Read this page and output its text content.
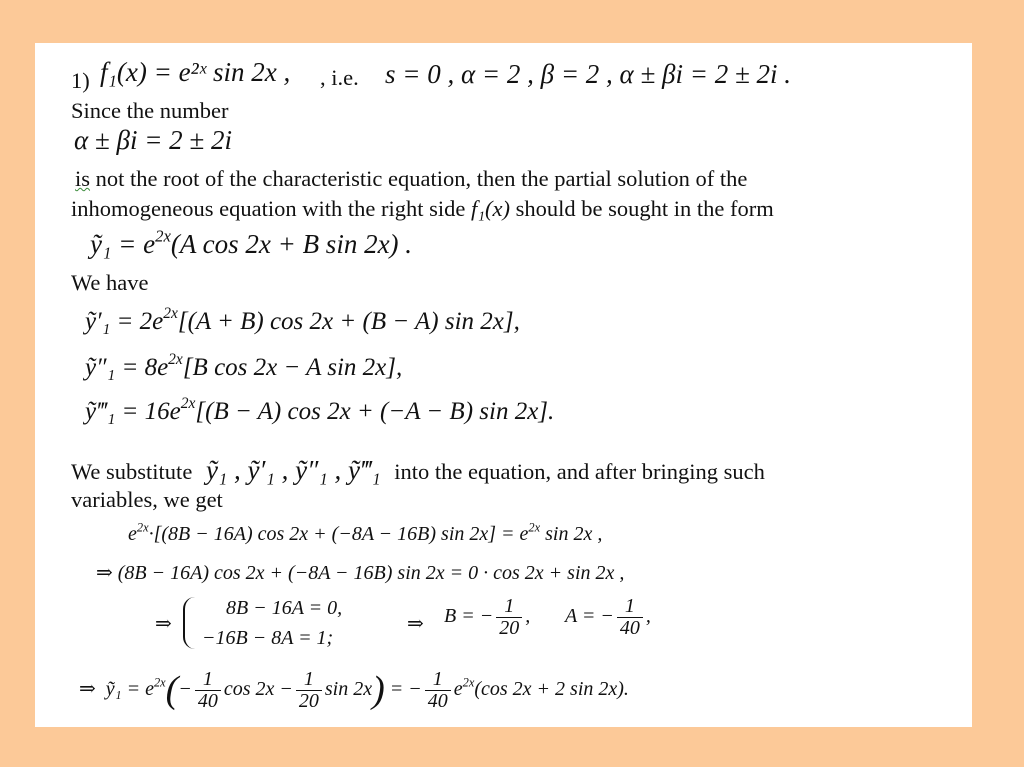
1) f₁(x) = e²ˣ sin 2x , , i.e. s = 0 , α = 2 , β = 2 , α ± βi = 2 ± 2i .
Since the number
α ± βi = 2 ± 2i
is not the root of the characteristic equation, then the partial solution of the
inhomogeneous equation with the right side f₁(x) should be sought in the form
ỹ₁ = $e^{2x}(A$ cos 2x + B sin 2x) .
We have
ỹ′₁ = $2e^{2x}[(A + B)$ cos 2x + (B − A) sin 2x],
ỹ″₁ = $8e^{2x}[B$ cos 2x − A sin 2x],
ỹ‴₁ = $16e^{2x}[(B - A)$ cos 2x + (−A − B) sin 2x].
We substitute ỹ₁ , ỹ′₁ , ỹ″₁ , ỹ‴₁ into the equation, and after bringing such
variables, we get
$e^{2x}\cdot[(8B - 16A)$ cos 2x + (−8A − 16B) $\sin 2x] = e^{2x}$ sin 2x ,
⇒ (8B − 16A) cos 2x + (−8A − 16B) sin 2x = 0 · cos 2x + sin 2x ,
⇒
8B − 16A = 0,
−16B − 8A = 1;
⇒ B = − $\frac{1}{20}$ , A = − $\frac{1}{40}$ ,
⇒ ỹ₁ = $e^{2x}(- \frac{1}{40}$ $\cos 2x - \frac{1}{20}$ sin 2x) = − $\frac{1}{40} e^{2x}(\cos$ 2x + 2 sin 2x).
